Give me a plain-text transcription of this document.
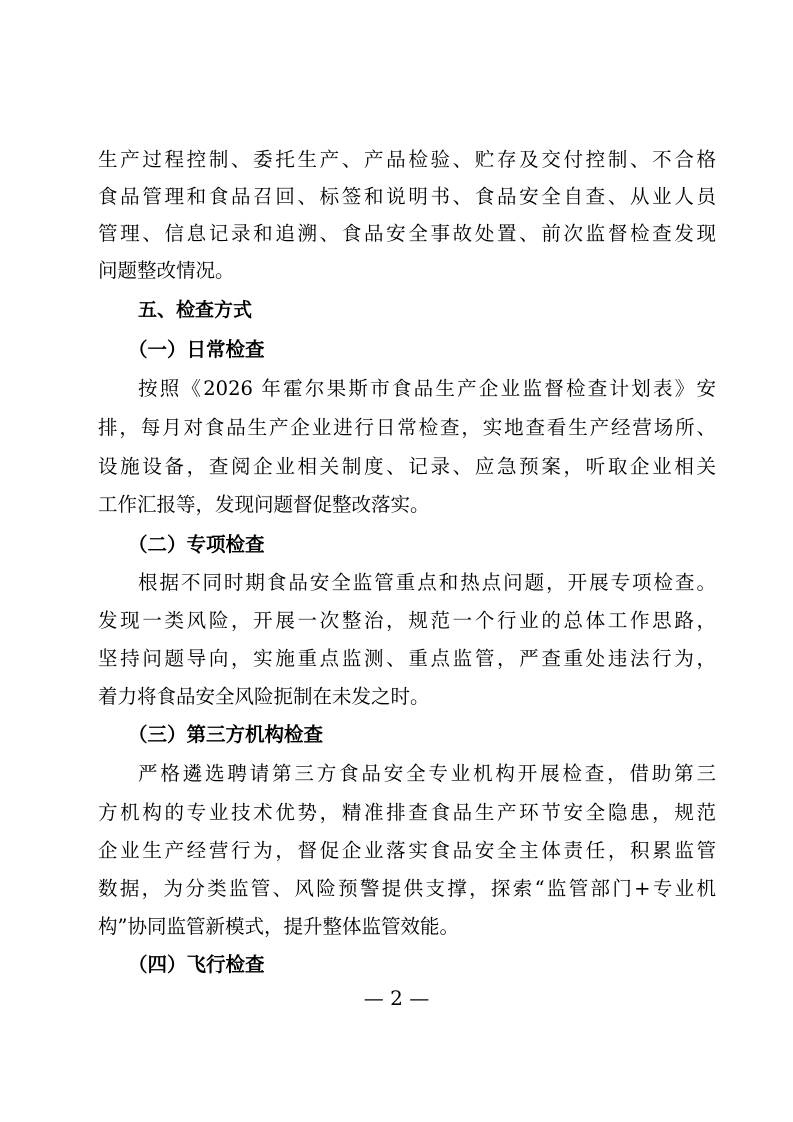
生产过程控制、委托生产、产品检验、贮存及交付控制、不合格
食品管理和食品召回、标签和说明书、食品安全自查、从业人员
管理、信息记录和追溯、食品安全事故处置、前次监督检查发现
问题整改情况。
五、检查方式
（一）日常检查
按照《2026 年霍尔果斯市食品生产企业监督检查计划表》安
排，每月对食品生产企业进行日常检查，实地查看生产经营场所、
设施设备，查阅企业相关制度、记录、应急预案，听取企业相关
工作汇报等，发现问题督促整改落实。
（二）专项检查
根据不同时期食品安全监管重点和热点问题，开展专项检查。
发现一类风险，开展一次整治，规范一个行业的总体工作思路，
坚持问题导向，实施重点监测、重点监管，严查重处违法行为，
着力将食品安全风险扼制在未发之时。
（三）第三方机构检查
严格遴选聘请第三方食品安全专业机构开展检查，借助第三
方机构的专业技术优势，精准排查食品生产环节安全隐患，规范
企业生产经营行为，督促企业落实食品安全主体责任，积累监管
数据，为分类监管、风险预警提供支撑，探索“监管部门+专业机
构”协同监管新模式，提升整体监管效能。
（四）飞行检查
— 2 —
